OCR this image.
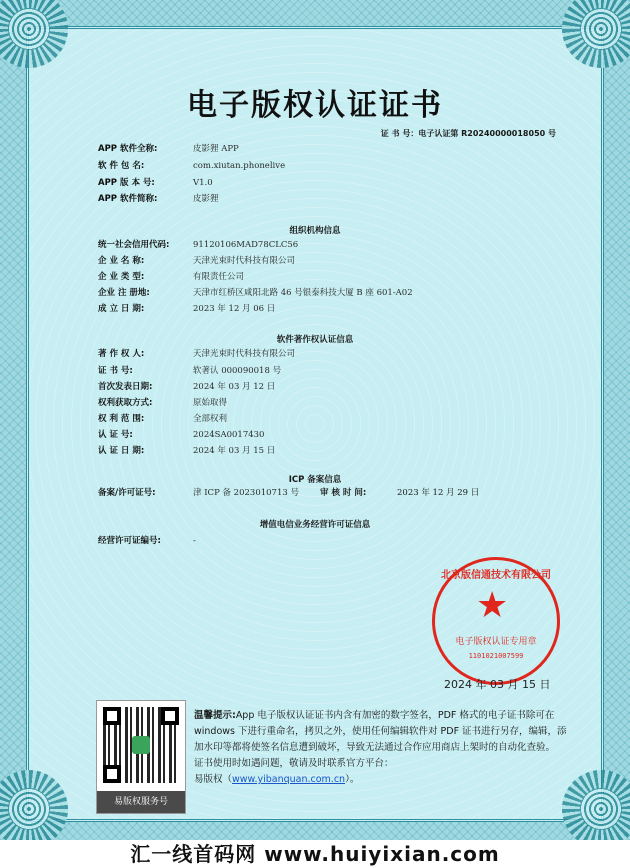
电子版权认证证书
证 书 号：电子认证第 R20240000018050 号
APP 软件全称:	皮影狸 APP
软 件 包 名:	com.xiutan.phonelive
APP 版 本 号:	V1.0
APP 软件简称:	皮影狸
组织机构信息
统一社会信用代码:	91120106MAD78CLC56
企 业 名 称:	天津光束时代科技有限公司
企 业 类 型:	有限责任公司
企业 注 册地:	天津市红桥区咸阳北路 46 号银泰科技大厦 B 座 601-A02
成 立 日 期:	2023 年 12 月 06 日
软件著作权认证信息
著 作 权 人:	天津光束时代科技有限公司
证 书 号:	软著认 000090018 号
首次发表日期:	2024 年 03 月 12 日
权利获取方式:	原始取得
权 利 范 围:	全部权利
认 证 号:	2024SA0017430
认 证 日 期:	2024 年 03 月 15 日
ICP 备案信息
备案/许可证号:	津 ICP 备 2023010713 号 审 核 时 间:	2023 年 12 月 29 日
增值电信业务经营许可证信息
经营许可证编号:	-
北京版信通技术有限公司
★
电子版权认证专用章
1101021007599
2024 年 03 月 15 日
易版权服务号
温馨提示:App 电子版权认证证书内含有加密的数字签名，PDF 格式的电子证书除可在 windows 下进行重命名，拷贝之外，使用任何编辑软件对 PDF 证书进行另存，编辑，添加水印等都将使签名信息遭到破坏，导致无法通过合作应用商店上架时的自动化查验。
证书使用时如遇问题，敬请及时联系官方平台：
易版权（www.yibanquan.com.cn）。
汇一线首码网 www.huiyixian.com
